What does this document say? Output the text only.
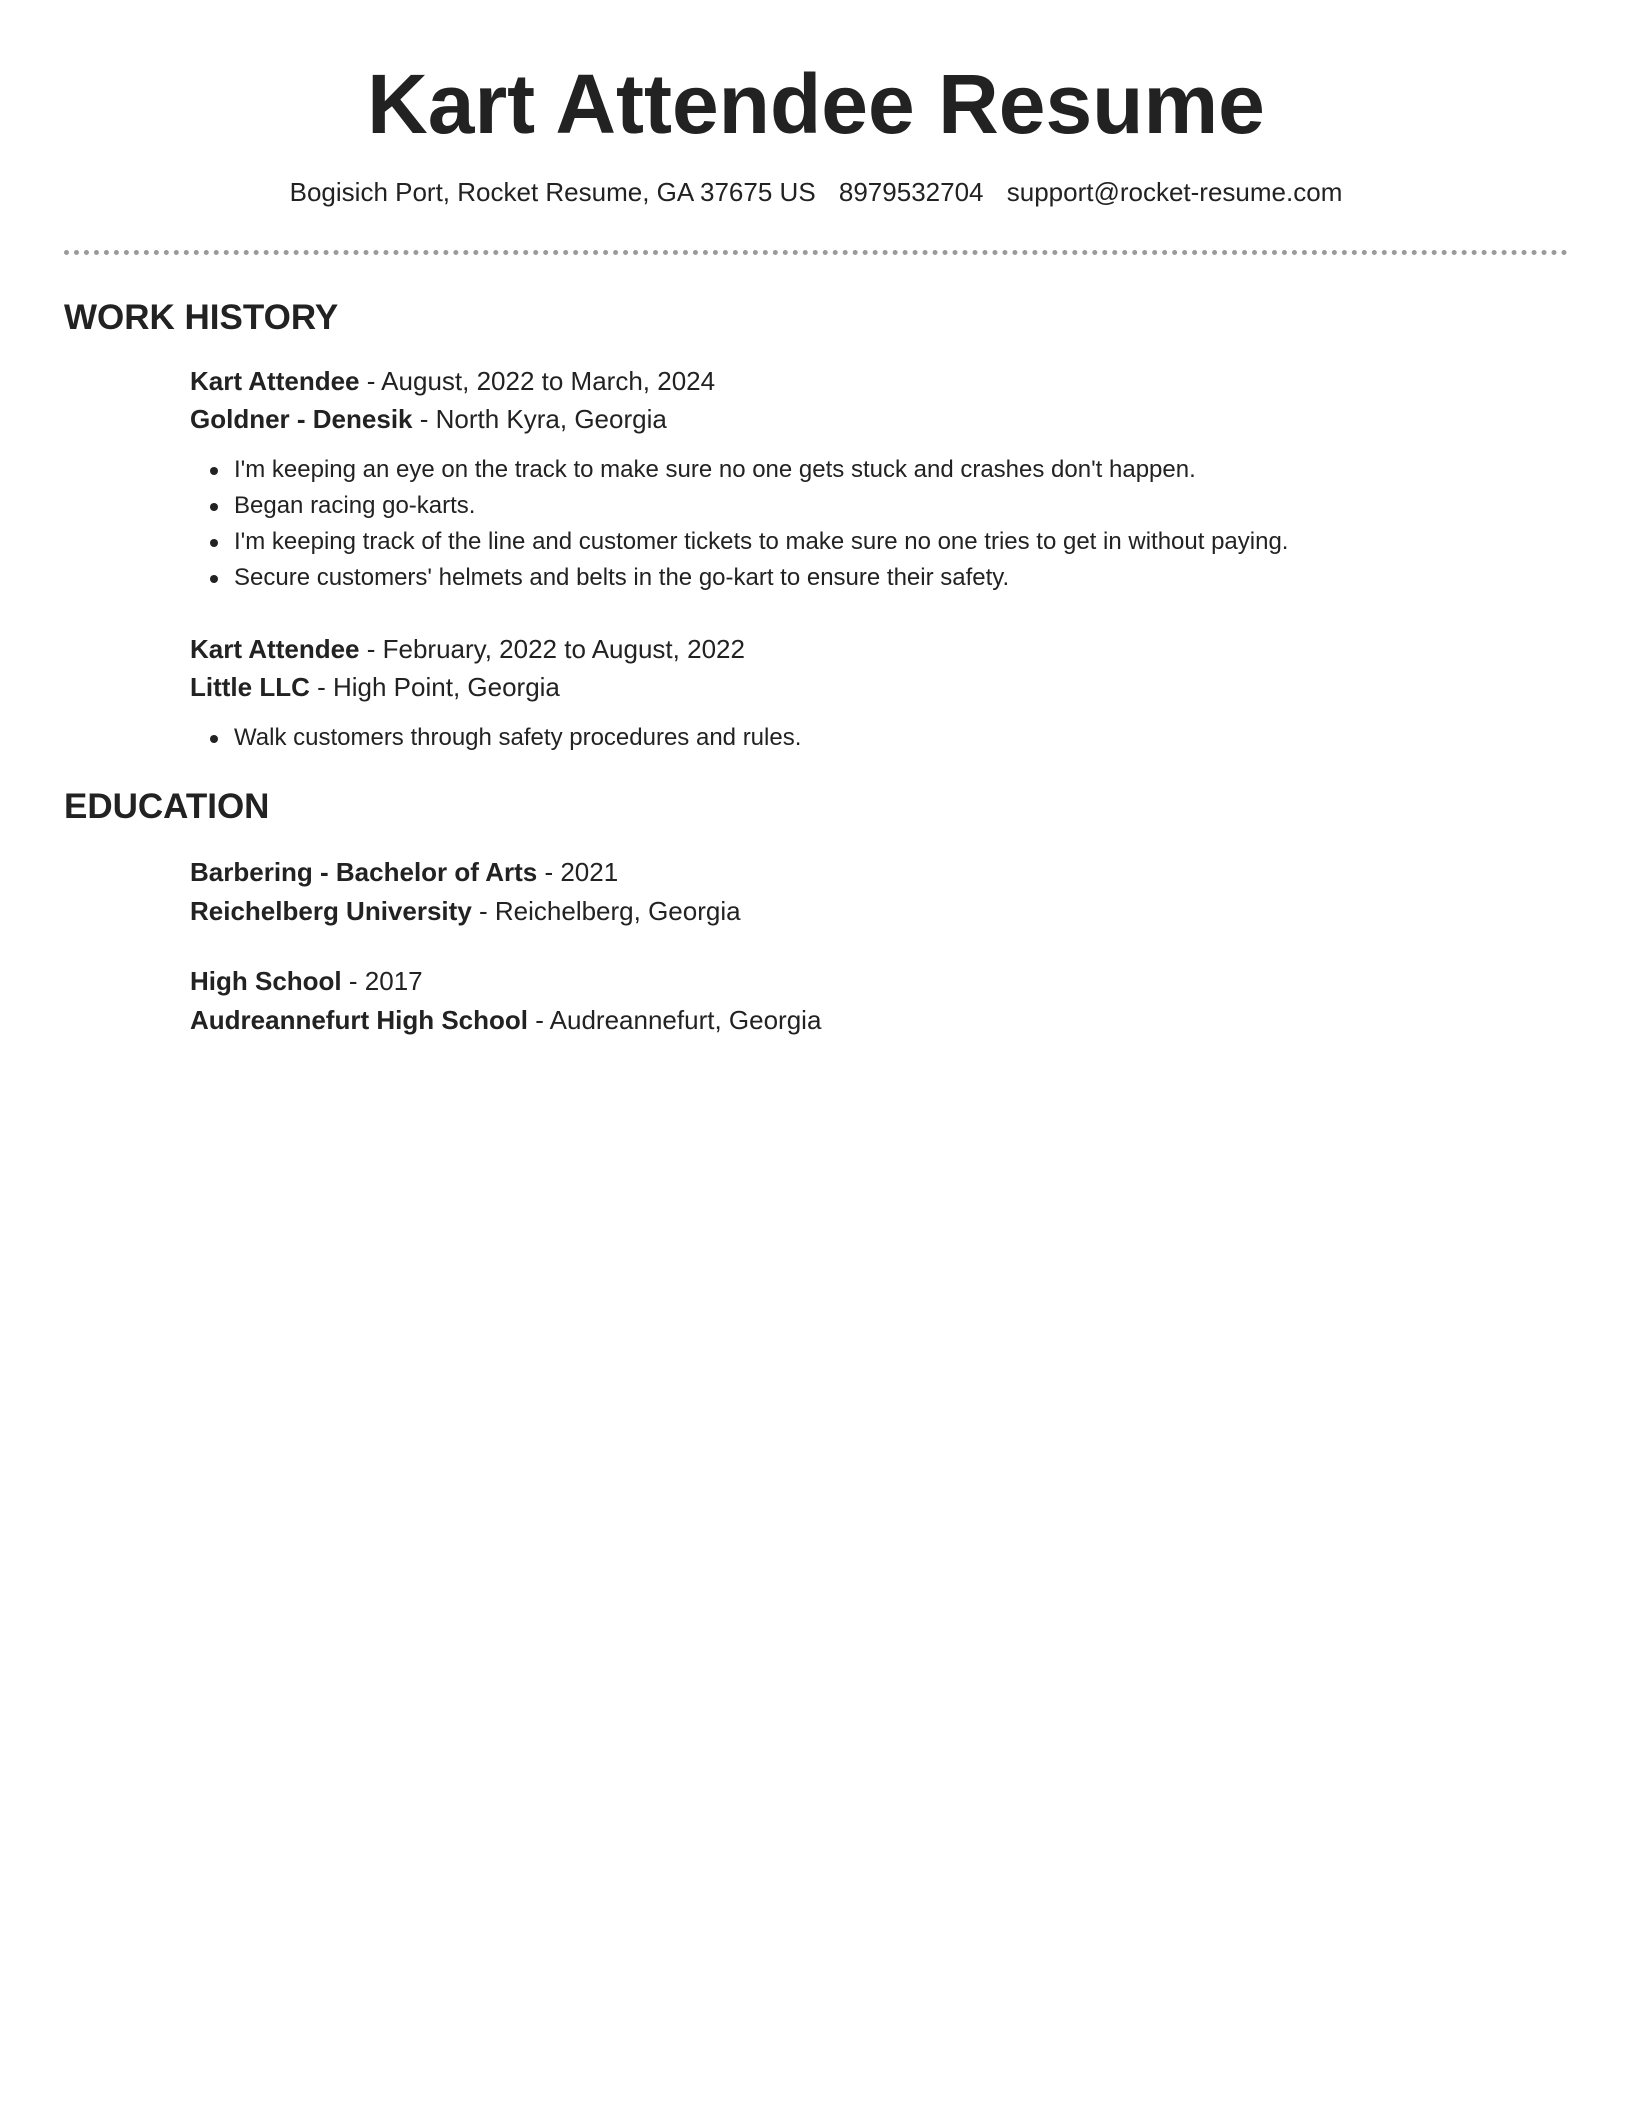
Kart Attendee Resume
Bogisich Port, Rocket Resume, GA 37675 US 8979532704 support@rocket-resume.com
WORK HISTORY
Kart Attendee - August, 2022 to March, 2024
Goldner - Denesik - North Kyra, Georgia
I'm keeping an eye on the track to make sure no one gets stuck and crashes don't happen.
Began racing go-karts.
I'm keeping track of the line and customer tickets to make sure no one tries to get in without paying.
Secure customers' helmets and belts in the go-kart to ensure their safety.
Kart Attendee - February, 2022 to August, 2022
Little LLC - High Point, Georgia
Walk customers through safety procedures and rules.
EDUCATION
Barbering - Bachelor of Arts - 2021
Reichelberg University - Reichelberg, Georgia
High School - 2017
Audreannefurt High School - Audreannefurt, Georgia
